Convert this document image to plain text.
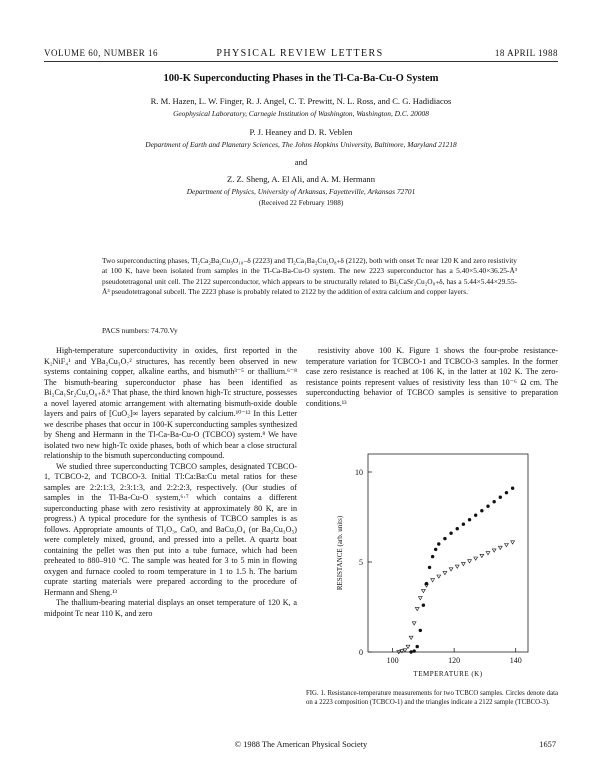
VOLUME 60, NUMBER 16	PHYSICAL REVIEW LETTERS	18 APRIL 1988
100-K Superconducting Phases in the Tl-Ca-Ba-Cu-O System
R. M. Hazen, L. W. Finger, R. J. Angel, C. T. Prewitt, N. L. Ross, and C. G. Hadidiacos
Geophysical Laboratory, Carnegie Institution of Washington, Washington, D.C. 20008
P. J. Heaney and D. R. Veblen
Department of Earth and Planetary Sciences, The Johns Hopkins University, Baltimore, Maryland 21218
and
Z. Z. Sheng, A. El Ali, and A. M. Hermann
Department of Physics, University of Arkansas, Fayetteville, Arkansas 72701
(Received 22 February 1988)
Two superconducting phases, Tl₂Ca₂Ba₂Cu₃O₁₀₋δ (2223) and Tl₂Ca₁Ba₂Cu₂O₈₊δ (2122), both with onset Tc near 120 K and zero resistivity at 100 K, have been isolated from samples in the Tl-Ca-Ba-Cu-O system. The new 2223 superconductor has a 5.40×5.40×36.25-Å³ pseudotetragonal unit cell. The 2122 superconductor, which appears to be structurally related to Bi₂CaSr₂Cu₂O₈₊δ, has a 5.44×5.44×29.55-Å³ pseudotetragonal subcell. The 2223 phase is probably related to 2122 by the addition of extra calcium and copper layers.
PACS numbers: 74.70.Vy

High-temperature superconductivity in oxides, first reported in the K₂NiF₄¹ and YBa₂Cu₃O₇² structures, has recently been observed in new systems containing copper, alkaline earths, and bismuth³⁻⁵ or thallium.⁶⁻⁸ The bismuth-bearing superconductor phase has been identified as Bi₂Ca₁Sr₂Cu₂O₈₊δ.⁹ That phase, the third known high-Tc structure, possesses a novel layered atomic arrangement with alternating bismuth-oxide double layers and pairs of [CuO₂]∞ layers separated by calcium.¹⁰⁻¹² In this Letter we describe phases that occur in 100-K superconducting samples synthesized by Sheng and Hermann in the Tl-Ca-Ba-Cu-O (TCBCO) system.⁸ We have isolated two new high-Tc oxide phases, both of which bear a close structural relationship to the bismuth superconducting compound.

We studied three superconducting TCBCO samples, designated TCBCO-1, TCBCO-2, and TCBCO-3. Initial Tl:Ca:Ba:Cu metal ratios for these samples are 2:2:1:3, 2:3:1:3, and 2:2:2:3, respectively. (Our studies of samples in the Tl-Ba-Cu-O system,⁶·⁷ which contains a different superconducting phase with zero resistivity at approximately 80 K, are in progress.) A typical procedure for the synthesis of TCBCO samples is as follows. Appropriate amounts of Tl₂O₃, CaO, and BaCu₃O₄ (or Ba₂Cu₃O₅) were completely mixed, ground, and pressed into a pellet. A quartz boat containing the pellet was then put into a tube furnace, which had been preheated to 880–910 °C. The sample was heated for 3 to 5 min in flowing oxygen and furnace cooled to room temperature in 1 to 1.5 h. The barium cuprate starting materials were prepared according to the procedure of Hermann and Sheng.¹³

The thallium-bearing material displays an onset temperature of 120 K, a midpoint Tc near 110 K, and zero

resistivity above 100 K. Figure 1 shows the four-probe resistance-temperature variation for TCBCO-1 and TCBCO-3 samples. In the former case zero resistance is reached at 106 K, in the latter at 102 K. The zero-resistance points represent values of resistivity less than 10⁻⁶ Ω cm. The superconducting behavior of TCBCO samples is sensitive to preparation conditions.¹³

100	120	140
10
5
0
TEMPERATURE (K)
RESISTANCE (arb. units)
FIG. 1. Resistance-temperature measurements for two TCBCO samples. Circles denote data on a 2223 composition (TCBCO-1) and the triangles indicate a 2122 sample (TCBCO-3).
© 1988 The American Physical Society	1657
